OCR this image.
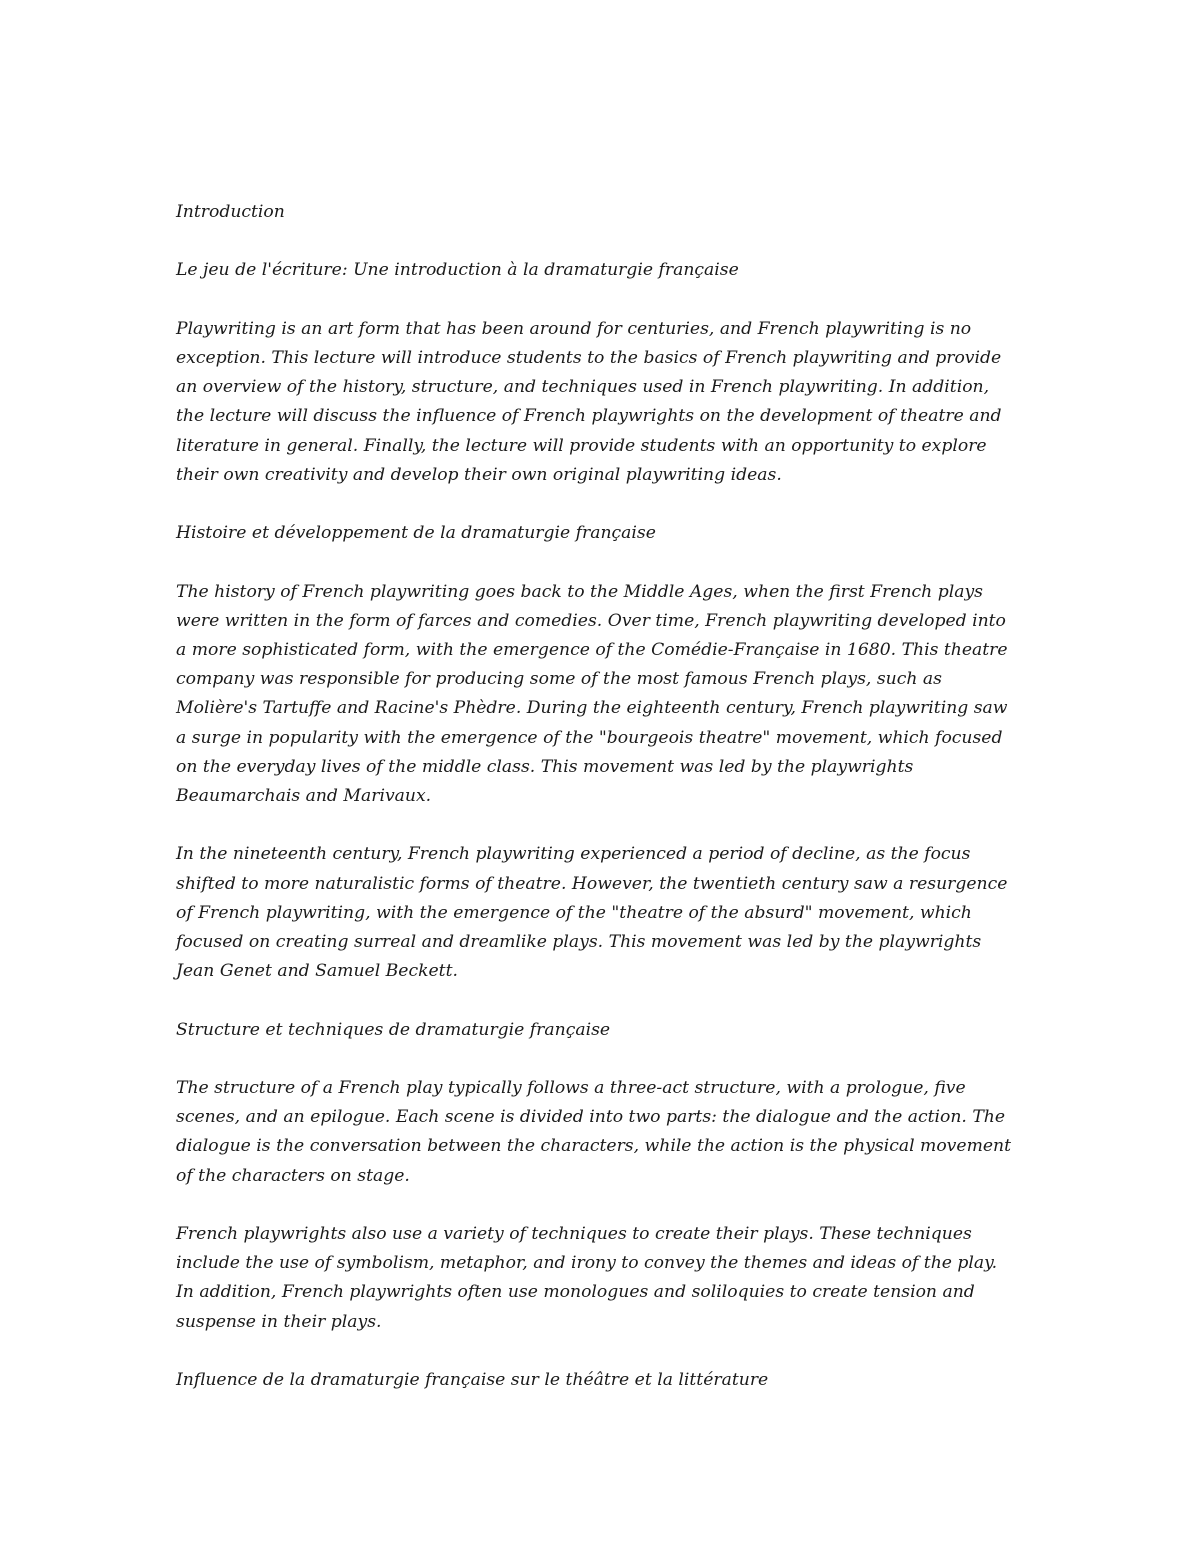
Introduction
Le jeu de l'écriture: Une introduction à la dramaturgie française
Playwriting is an art form that has been around for centuries, and French playwriting is no
exception. This lecture will introduce students to the basics of French playwriting and provide
an overview of the history, structure, and techniques used in French playwriting. In addition,
the lecture will discuss the influence of French playwrights on the development of theatre and
literature in general. Finally, the lecture will provide students with an opportunity to explore
their own creativity and develop their own original playwriting ideas.
Histoire et développement de la dramaturgie française
The history of French playwriting goes back to the Middle Ages, when the first French plays
were written in the form of farces and comedies. Over time, French playwriting developed into
a more sophisticated form, with the emergence of the Comédie-Française in 1680. This theatre
company was responsible for producing some of the most famous French plays, such as
Molière's Tartuffe and Racine's Phèdre. During the eighteenth century, French playwriting saw
a surge in popularity with the emergence of the "bourgeois theatre" movement, which focused
on the everyday lives of the middle class. This movement was led by the playwrights
Beaumarchais and Marivaux.
In the nineteenth century, French playwriting experienced a period of decline, as the focus
shifted to more naturalistic forms of theatre. However, the twentieth century saw a resurgence
of French playwriting, with the emergence of the "theatre of the absurd" movement, which
focused on creating surreal and dreamlike plays. This movement was led by the playwrights
Jean Genet and Samuel Beckett.
Structure et techniques de dramaturgie française
The structure of a French play typically follows a three-act structure, with a prologue, five
scenes, and an epilogue. Each scene is divided into two parts: the dialogue and the action. The
dialogue is the conversation between the characters, while the action is the physical movement
of the characters on stage.
French playwrights also use a variety of techniques to create their plays. These techniques
include the use of symbolism, metaphor, and irony to convey the themes and ideas of the play.
In addition, French playwrights often use monologues and soliloquies to create tension and
suspense in their plays.
Influence de la dramaturgie française sur le théâtre et la littérature
